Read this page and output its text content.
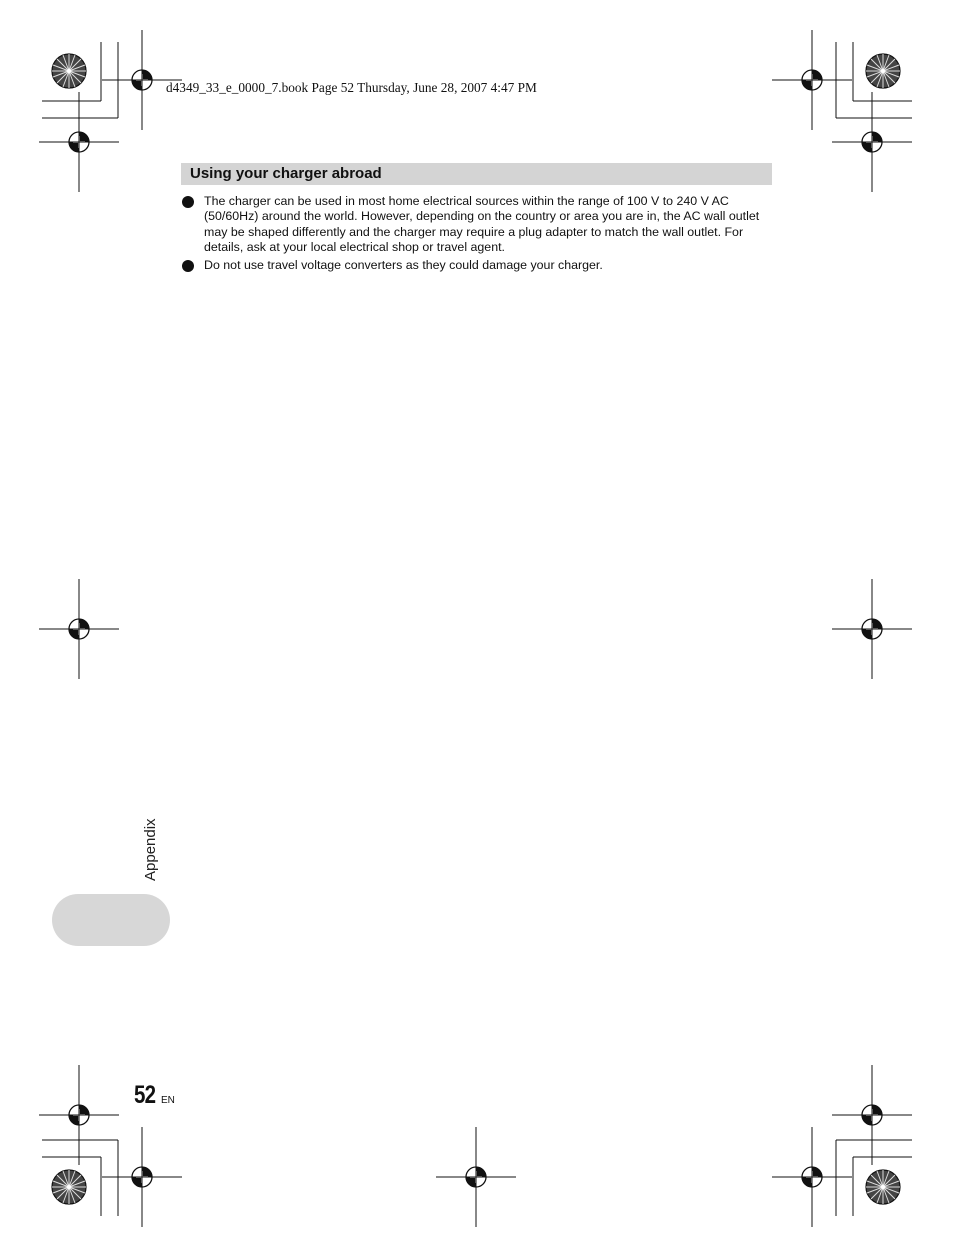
d4349_33_e_0000_7.book Page 52 Thursday, June 28, 2007 4:47 PM
Using your charger abroad
The charger can be used in most home electrical sources within the range of 100 V to 240 V AC (50/60Hz) around the world. However, depending on the country or area you are in, the AC wall outlet may be shaped differently and the charger may require a plug adapter to match the wall outlet. For details, ask at your local electrical shop or travel agent.
Do not use travel voltage converters as they could damage your charger.
Appendix
52 EN
